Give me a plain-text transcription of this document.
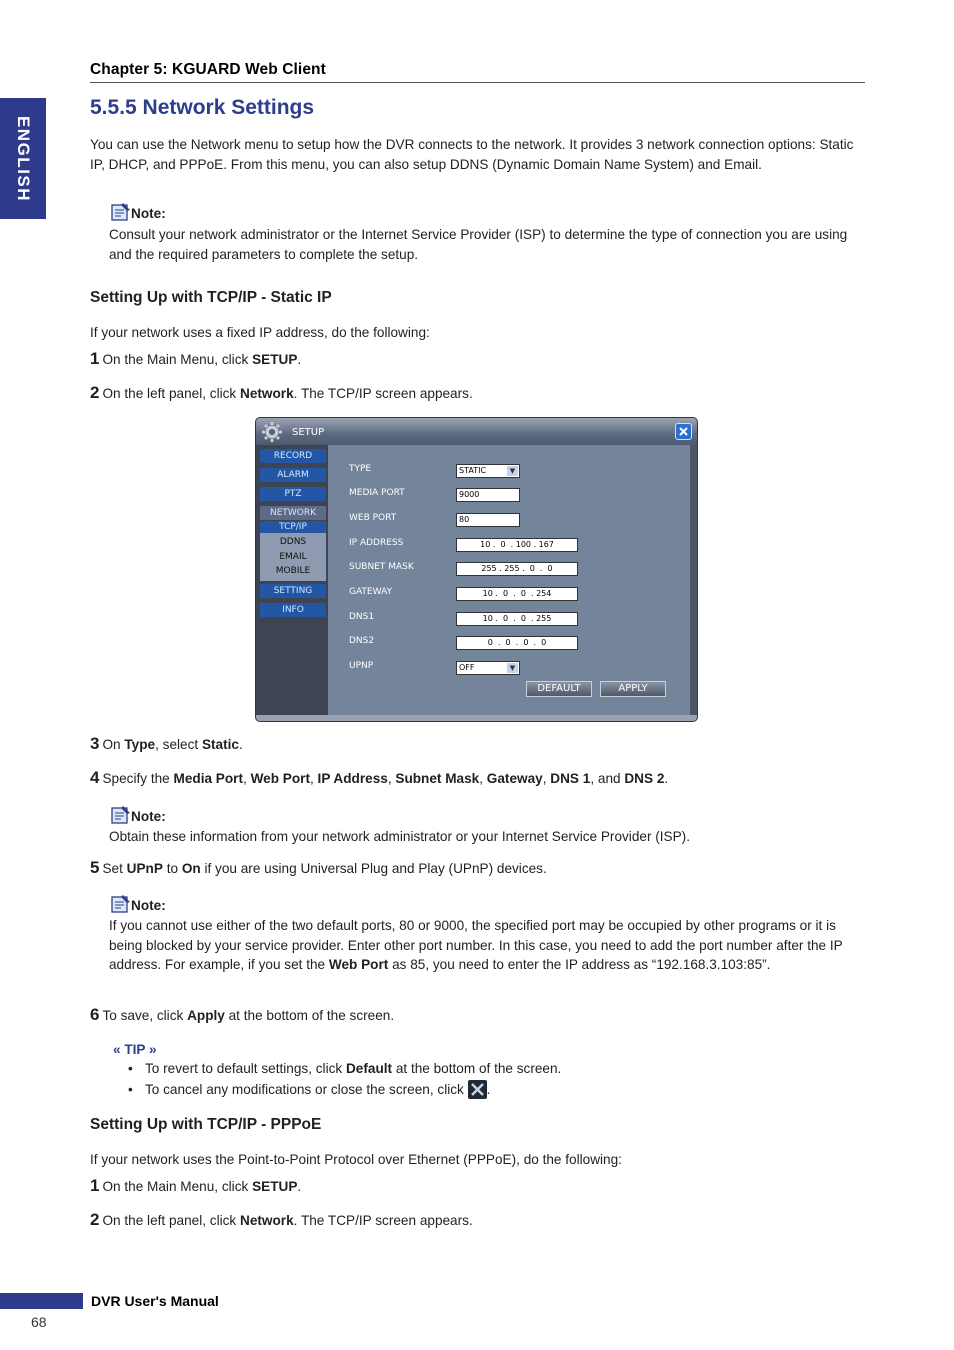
Chapter 5: KGUARD Web Client
ENGLISH
5.5.5 Network Settings
You can use the Network menu to setup how the DVR connects to the network. It provides 3 network connection options: Static IP, DHCP, and PPPoE. From this menu, you can also setup DDNS (Dynamic Domain Name System) and Email.
Note:
Consult your network administrator or the Internet Service Provider (ISP) to determine the type of connection you are using and the required parameters to complete the setup.
Setting Up with TCP/IP - Static IP
If your network uses a fixed IP address, do the following:
1 On the Main Menu, click SETUP.
2 On the left panel, click Network. The TCP/IP screen appears.
SETUP
RECORD
ALARM
PTZ
NETWORK
TCP/IP
DDNS
EMAIL
MOBILE
SETTING
INFO
TYPE	STATIC	▼
MEDIA PORT	9000
WEB PORT	80
IP ADDRESS	10 .  0  . 100 . 167
SUBNET MASK	255 . 255 .  0  .  0
GATEWAY	10 .  0  .  0  . 254
DNS1	10 .  0  .  0  . 255
DNS2	0  .  0  .  0  .  0
UPNP	OFF	▼
DEFAULT	APPLY
3 On Type, select Static.
4 Specify the Media Port, Web Port, IP Address, Subnet Mask, Gateway, DNS 1, and DNS 2.
Note:
Obtain these information from your network administrator or your Internet Service Provider (ISP).
5 Set UPnP to On if you are using Universal Plug and Play (UPnP) devices.
Note:
If you cannot use either of the two default ports, 80 or 9000, the specified port may be occupied by other programs or it is being blocked by your service provider. Enter other port number. In this case, you need to add the port number after the IP address. For example, if you set the Web Port as 85, you need to enter the IP address as “192.168.3.103:85”.
6 To save, click Apply at the bottom of the screen.
« TIP »
• To revert to default settings, click Default at the bottom of the screen.
• To cancel any modifications or close the screen, click .
Setting Up with TCP/IP - PPPoE
If your network uses the Point-to-Point Protocol over Ethernet (PPPoE), do the following:
1 On the Main Menu, click SETUP.
2 On the left panel, click Network. The TCP/IP screen appears.
DVR User's Manual
68
